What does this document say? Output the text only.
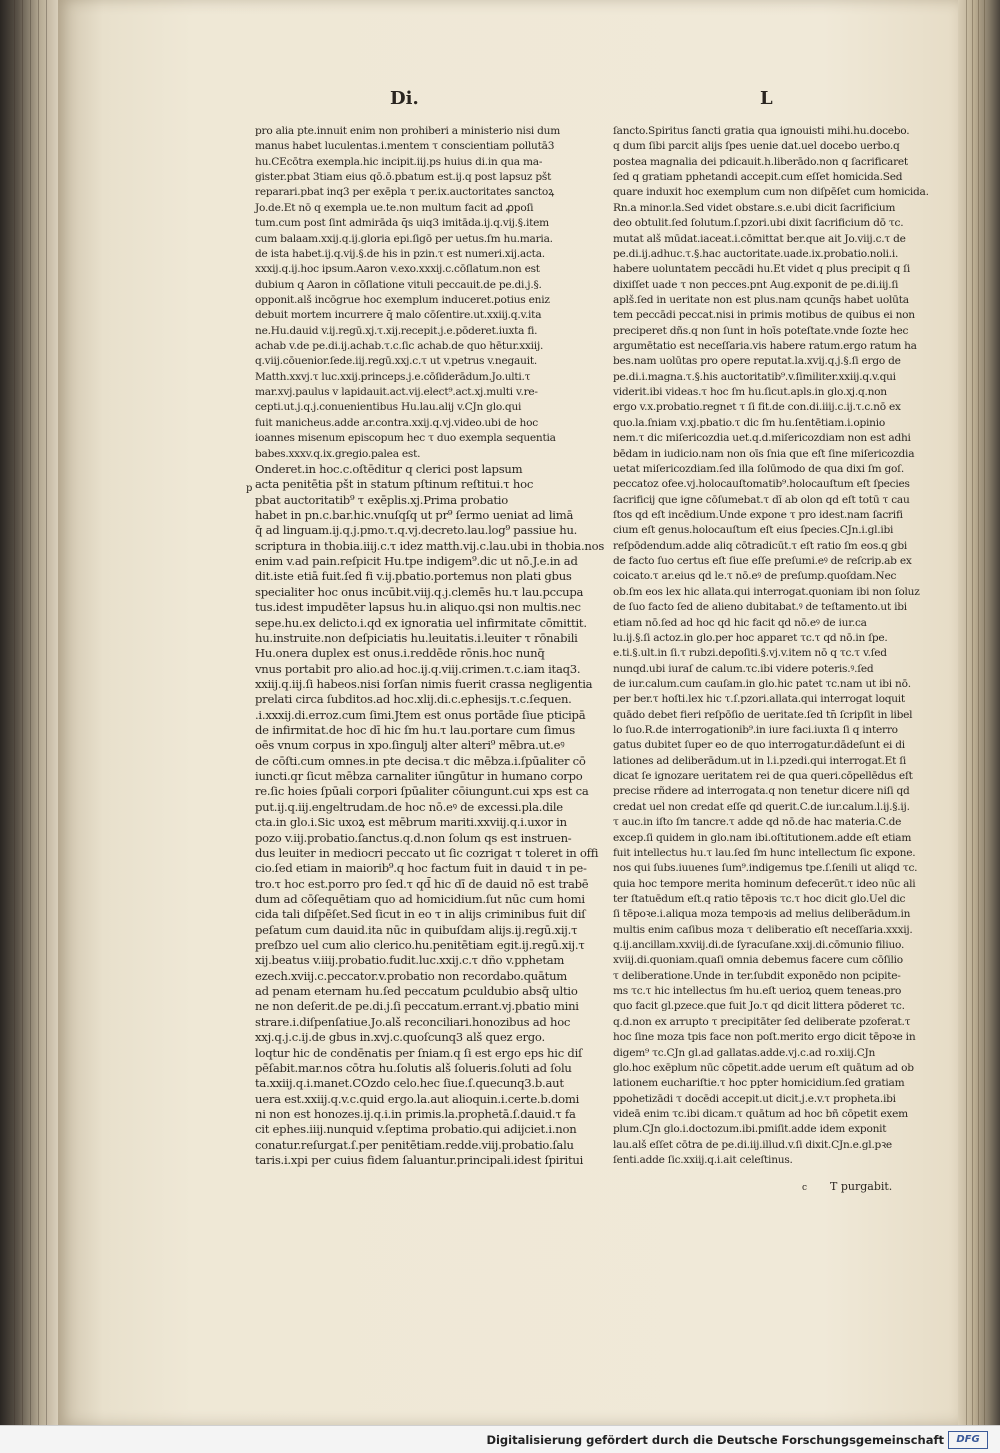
Di.	L
pro alia pte.innuit enim non prohiberi a ministerio nisi dum
manus habet luculentas.i.mentem τ conscientiam pollutā3
hu.CEcōtra exempla.hic incipit.iij.ps huius di.in qua ma-
gister.pbat 3tiam eius qō.ō.pbatum est.ij.q post lapsuz pšt
reparari.pbat inq3 per exēpla τ per.ix.auctoritates sanctoꝝ
Jo.de.Et nō q exempla ue.te.non multum facit ad ꝓpoſi
tum.cum post ſint admirāda q̄s uiq3 imitāda.ij.q.vij.§.item
cum balaam.xxij.q.ij.gloria epi.ſigō per uetus.ſm hu.maria.
de ista habet.ij.q.vij.§.de his in pzin.τ est numeri.xij.acta.
xxxij.q.ij.hoc ipsum.Aaron v.exo.xxxij.c.cōſlatum.non est
dubium q Aaron in cōſlatione vituli peccauit.de pe.di.j.§.
opponit.alš incōgrue hoc exemplum induceret.potius eniz
debuit mortem incurrere q̄ malo cōſentire.ut.xxiij.q.v.ita
ne.Hu.dauid v.ij.regū.xj.τ.xij.recepit.j.e.pōderet.iuxta fi.
achab v.de pe.di.ij.achab.τ.c.ſic achab.de quo hētur.xxiij.
q.viij.cōuenior.ſede.iij.regū.xxj.c.τ ut v.petrus v.negauit.
Matth.xxvj.τ luc.xxij.princeps.j.e.cōſiderādum.Jo.ulti.τ
mar.xvj.paulus v lapidauit.act.vij.elect⁹.act.xj.multi v.re-
cepti.ut.j.q.j.conuenientibus Hu.lau.alij v.CJn glo.qui
fuit manicheus.adde ar.contra.xxij.q.vj.video.ubi de hoc
ioannes misenum episcopum hec τ duo exempla sequentia
babes.xxxv.q.ix.gregio.palea est.
Onderet.in hoc.c.oſtēditur q clerici post lapsum
acta penitētia pšt in statum pſtinum reſtitui.τ hoc
pbat auctoritatib⁹ τ exēplis.xj.Prima probatio
habet in pn.c.bar.hic.vnuſqſq ut pr⁹ ſermo ueniat ad limā
q̄ ad linguam.ij.q.j.pmo.τ.q.vj.decreto.lau.log⁹ passiue hu.
scriptura in thobia.iiij.c.τ idez matth.vij.c.lau.ubi in thobia.nos
enim v.ad pain.reſpicit Hu.tpe indigem⁹.dic ut nō.J.e.in ad
dit.iste etiā fuit.ſed fi v.ij.pbatio.portemus non plati gbus
specialiter hoc onus incūbit.viij.q.j.clemēs hu.τ lau.pccupa
tus.idest impudēter lapsus hu.in aliquo.qsi non multis.nec
sepe.hu.ex delicto.i.qd ex ignoratia uel infirmitate cōmittit.
hu.instruite.non deſpiciatis hu.leuitatis.i.leuiter τ rōnabili
Hu.onera duplex est onus.i.reddēde rōnis.hoc nunq̄
vnus portabit pro alio.ad hoc.ij.q.viij.crimen.τ.c.iam itaq3.
xxiij.q.iij.ſi habeos.nisi ſorſan nimis fuerit crassa negligentia
prelati circa ſubditos.ad hoc.xlij.di.c.ephesijs.τ.c.ſequen.
.i.xxxij.di.erroz.cum ſimi.Jtem est onus portāde ſiue pticipā
de infirmitat.de hoc dī hic ſm hu.τ lau.portare cum ſimus
oēs vnum corpus in xpo.ſingulj alter alteri⁹ mēbra.ut.eꝰ
de cōſti.cum omnes.in pte decisa.τ dic mēbza.i.ſpūaliter cō
iuncti.qr ſicut mēbza carnaliter iūngūtur in humano corpo
re.ſic hoies ſpūali corpori ſpūaliter cōiungunt.cui xps est ca
put.ij.q.iij.engeltrudam.de hoc nō.eꝰ de excessi.pla.dile
cta.in glo.i.Sic uxoꝝ est mēbrum mariti.xxviij.q.i.uxor in
pozo v.iij.probatio.ſanctus.q.d.non ſolum qs est instruen-
dus leuiter in mediocri peccato ut ſic cozrigat τ toleret in offi
cio.ſed etiam in maiorib⁹.q hoc factum fuit in dauid τ in pe-
tro.τ hoc est.porro pro ſed.τ qd̄ hic dī de dauid nō est trabē
dum ad cōſequētiam quo ad homicidium.ſut nūc cum homi
cida tali diſpēſet.Sed ſicut in eo τ in alijs criminibus fuit diſ
peſatum cum dauid.ita nūc in quibuſdam alijs.ij.regū.xij.τ
preſbzo uel cum alio clerico.hu.penitētiam egit.ij.regū.xij.τ
xij.beatus v.iiij.probatio.fudit.luc.xxij.c.τ dño v.pphetam
ezech.xviij.c.peccator.v.probatio non recordabo.quātum
ad penam eternam hu.ſed peccatum ꝑculdubio absq̄ ultio
ne non deſerit.de pe.di.j.ſi peccatum.errant.vj.pbatio mini
strare.i.diſpenſatiue.Jo.alš reconciliari.honozibus ad hoc
xxj.q.j.c.ij.de gbus in.xvj.c.quoſcunq3 alš quez ergo.
loqtur hic de condēnatis per ſniam.q ſi est ergo eps hic diſ
pēſabit.mar.nos cōtra hu.ſolutis alš ſolueris.ſoluti ad ſolu
ta.xxiij.q.i.manet.COzdo celo.hec ſiue.ſ.quecunq3.b.aut
uera est.xxiij.q.v.c.quid ergo.la.aut alioquin.i.certe.b.domi
ni non est honozes.ij.q.i.in primis.la.prophetā.ſ.dauid.τ fa
cit ephes.iiij.nunquid v.ſeptima probatio.qui adijciet.i.non
conatur.reſurgat.ſ.per penitētiam.redde.viij.probatio.ſalu
taris.i.xpi per cuius fidem ſaluantur.principali.idest ſpiritui
p
ſancto.Spiritus ſancti gratia qua ignouisti mihi.hu.docebo.
q dum ſibi parcit alijs ſpes uenie dat.uel docebo uerbo.q
postea magnalia dei pdicauit.h.liberādo.non q ſacrificaret
ſed q gratiam pphetandi accepit.cum eſſet homicida.Sed
quare induxit hoc exemplum cum non diſpēſet cum homicida.
Rn.a minor.la.Sed videt obstare.s.e.ubi dicit ſacrificium
deo obtulit.ſed ſolutum.ſ.pzori.ubi dixit ſacrificium dō τc.
mutat alš mūdat.iaceat.i.cōmittat ber.que ait Jo.viij.c.τ de
pe.di.ij.adhuc.τ.§.hac auctoritate.uade.ix.probatio.noli.i.
habere uoluntatem peccādi hu.Et videt q plus precipit q ſi
dixiſſet uade τ non pecces.pnt Aug.exponit de pe.di.iij.ſi
aplš.ſed in ueritate non est plus.nam qcunq̄s habet uolūta
tem peccādi peccat.nisi in primis motibus de quibus ei non
preciperet dñs.q non ſunt in hoīs poteſtate.vnde ſozte hec
argumētatio est neceſſaria.vis habere ratum.ergo ratum ha
bes.nam uolūtas pro opere reputat.la.xvij.q.j.§.ſi ergo de
pe.di.i.magna.τ.§.his auctoritatib⁹.v.ſimiliter.xxiij.q.v.qui
viderit.ibi videas.τ hoc ſm hu.ſicut.apls.in glo.xj.q.non
ergo v.x.probatio.regnet τ ſi fit.de con.di.iiij.c.ij.τ.c.nō ex
quo.la.ſniam v.xj.pbatio.τ dic ſm hu.ſentētiam.i.opinio
nem.τ dic miſericozdia uet.q.d.miſericozdiam non est adhi
bēdam in iudicio.nam non oīs ſnia que eſt ſine miſericozdia
uetat miſericozdiam.ſed illa ſolūmodo de qua dixi ſm goſ.
peccatoz ofee.vj.holocauſtomatib⁹.holocauſtum eſt ſpecies
ſacrificij que igne cōſumebat.τ dī ab olon qd eſt totū τ cau
ſtos qd eſt incēdium.Unde expone τ pro idest.nam ſacrifi
cium eſt genus.holocauſtum eſt eius ſpecies.CJn.i.gl.ibi
reſpōdendum.adde aliq cōtradicūt.τ eſt ratio ſm eos.q gbi
de facto ſuo certus eſt ſiue eſſe preſumi.eꝰ de reſcrip.ab ex
coicato.τ ar.eius qd le.τ nō.eꝰ de preſump.quoſdam.Nec
ob.ſm eos lex hic allata.qui interrogat.quoniam ibi non ſoluz
de ſuo facto ſed de alieno dubitabat.ꝰ de teſtamento.ut ibi
etiam nō.ſed ad hoc qd hic facit qd nō.eꝰ de iur.ca
lu.ij.§.ſi actoz.in glo.per hoc apparet τc.τ qd nō.in ſpe.
e.ti.§.ult.in ſi.τ rubzi.depoſiti.§.vj.v.item nō q τc.τ v.ſed
nunqd.ubi iuraſ de calum.τc.ibi videre poteris.ꝰ.ſed
de iur.calum.cum cauſam.in glo.hic patet τc.nam ut ibi nō.
per ber.τ hoſti.lex hic τ.ſ.pzori.allata.qui interrogat loquit
quādo debet fieri reſpōſio de ueritate.ſed tn̄ ſcripſit in libel
lo ſuo.R.de interrogationib⁹.in iure faci.iuxta ſi q interro
gatus dubitet ſuper eo de quo interrogatur.dādeſunt ei di
lationes ad deliberādum.ut in l.i.pzedi.qui interrogat.Et ſi
dicat ſe ignozare ueritatem rei de qua queri.cōpellēdus eſt
precise rñdere ad interrogata.q non tenetur dicere niſi qd
credat uel non credat eſſe qd querit.C.de iur.calum.l.ij.§.ij.
τ auc.in iſto ſm tancre.τ adde qd nō.de hac materia.C.de
excep.ſi quidem in glo.nam ibi.oſtitutionem.adde eſt etiam
fuit intellectus hu.τ lau.ſed ſm hunc intellectum ſic expone.
nos qui ſubs.iuuenes ſum⁹.indigemus tpe.ſ.ſenili ut aliqd τc.
quia hoc tempore merita hominum defecerūt.τ ideo nūc ali
ter ſtatuēdum eſt.q ratio tēpoꝛis τc.τ hoc dicit glo.Uel dic
ſi tēpoꝛe.i.aliqua moza tempoꝛis ad melius deliberādum.in
multis enim caſibus moza τ deliberatio eſt neceſſaria.xxxij.
q.ij.ancillam.xxviij.di.de ſyracuſane.xxij.di.cōmunio filiuo.
xviij.di.quoniam.quaſi omnia debemus facere cum cōſilio
τ deliberatione.Unde in ter.ſubdit exponēdo non pcipite-
ms τc.τ hic intellectus ſm hu.eſt uerioꝝ quem teneas.pro
quo facit gl.pzece.que fuit Jo.τ qd dicit littera pōderet τc.
q.d.non ex arrupto τ precipitāter ſed deliberate pzoferat.τ
hoc ſine moza tpis face non poſt.merito ergo dicit tēpoꝛe in
digem⁹ τc.CJn gl.ad gallatas.adde.vj.c.ad ro.xiij.CJn
glo.hoc exēplum nūc cōpetit.adde uerum eſt quātum ad ob
lationem euchariſtie.τ hoc ppter homicidium.ſed gratiam
ppohetizādi τ docēdi accepit.ut dicit.j.e.v.τ propheta.ibi
videā enim τc.ibi dicam.τ quātum ad hoc bñ cōpetit exem
plum.CJn glo.i.doctozum.ibi.pmiſit.adde idem exponit
lau.alš eſſet cōtra de pe.di.iij.illud.v.ſi dixit.CJn.e.gl.pꝛe
ſenti.adde ſic.xxiij.q.i.ait celeſtinus.
c T purgabit.
Digitalisierung gefördert durch die Deutsche Forschungsgemeinschaft	DFG
